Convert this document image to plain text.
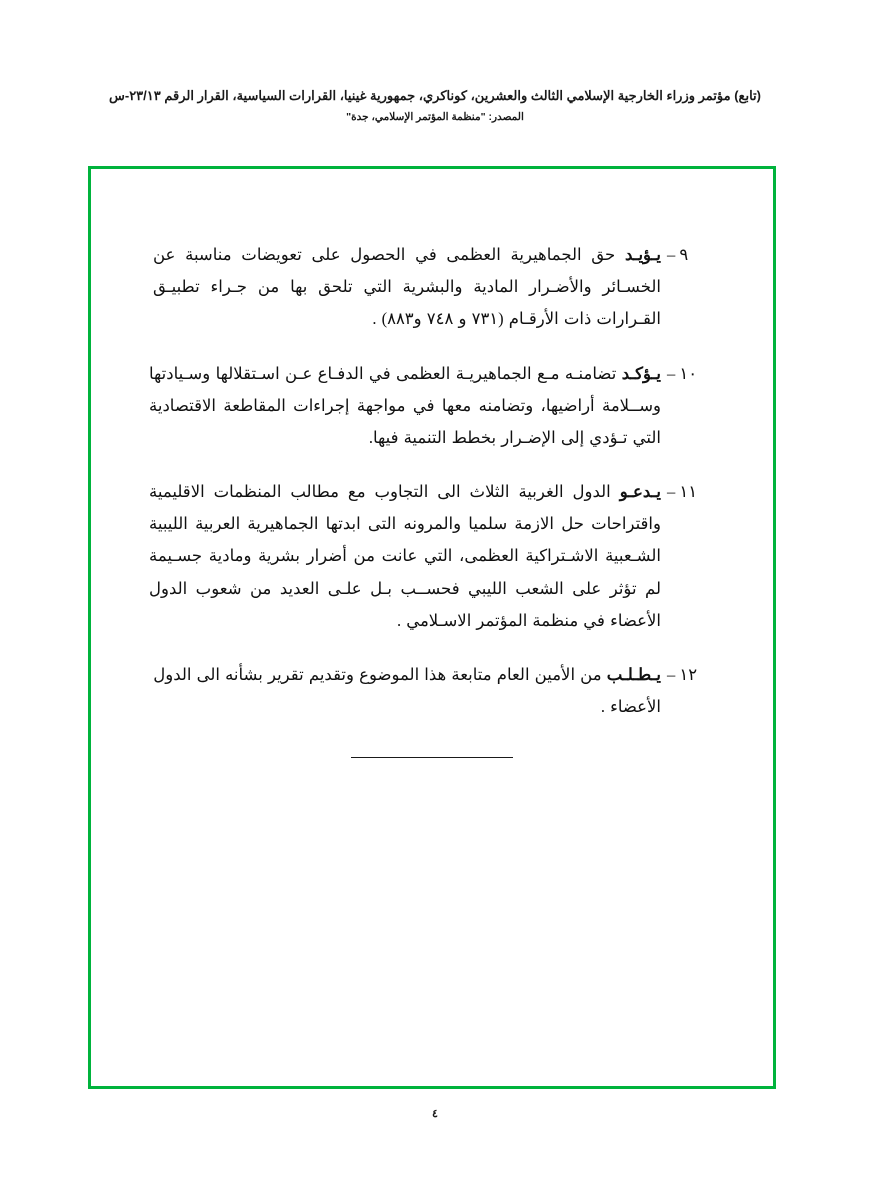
(تابع) مؤتمر وزراء الخارجية الإسلامي الثالث والعشرين، كوناكري، جمهورية غينيا، القرارات السياسية، القرار الرقم ٢٣/١٣-س
المصدر: "منظمة المؤتمر الإسلامي، جدة"
٩ –
يـؤيـد حق الجماهيرية العظمى في الحصول على تعويضات مناسبة عن الخسـائر والأضـرار المادية والبشرية التي تلحق بها من جـراء تطبيـق القـرارات ذات الأرقـام (٧٣١ و ٧٤٨ و٨٨٣) .
١٠ –
يـؤكـد تضامنـه مـع الجماهيريـة العظمى في الدفـاع عـن اسـتقلالها وسـيادتها وســلامة أراضيها، وتضامنه معها في مواجهة إجراءات المقاطعة الاقتصادية التي تـؤدي إلى الإضـرار بخطط التنمية فيها.
١١ –
يـدعـو الدول الغربية الثلاث الى التجاوب مع مطالب المنظمات الاقليمية واقتراحات حل الازمة سلميا والمرونه التى ابدتها الجماهيرية العربية الليبية الشـعبية الاشـتراكية العظمى، التي عانت من أضرار بشرية ومادية جسـيمة لم تؤثر على الشعب الليبي فحســب بـل علـى العديد من شعوب الدول الأعضاء في منظمة المؤتمر الاسـلامي .
١٢ –
يـطـلـب من الأمين العام متابعة هذا الموضوع وتقديم تقرير بشأنه الى الدول الأعضاء .
٤
